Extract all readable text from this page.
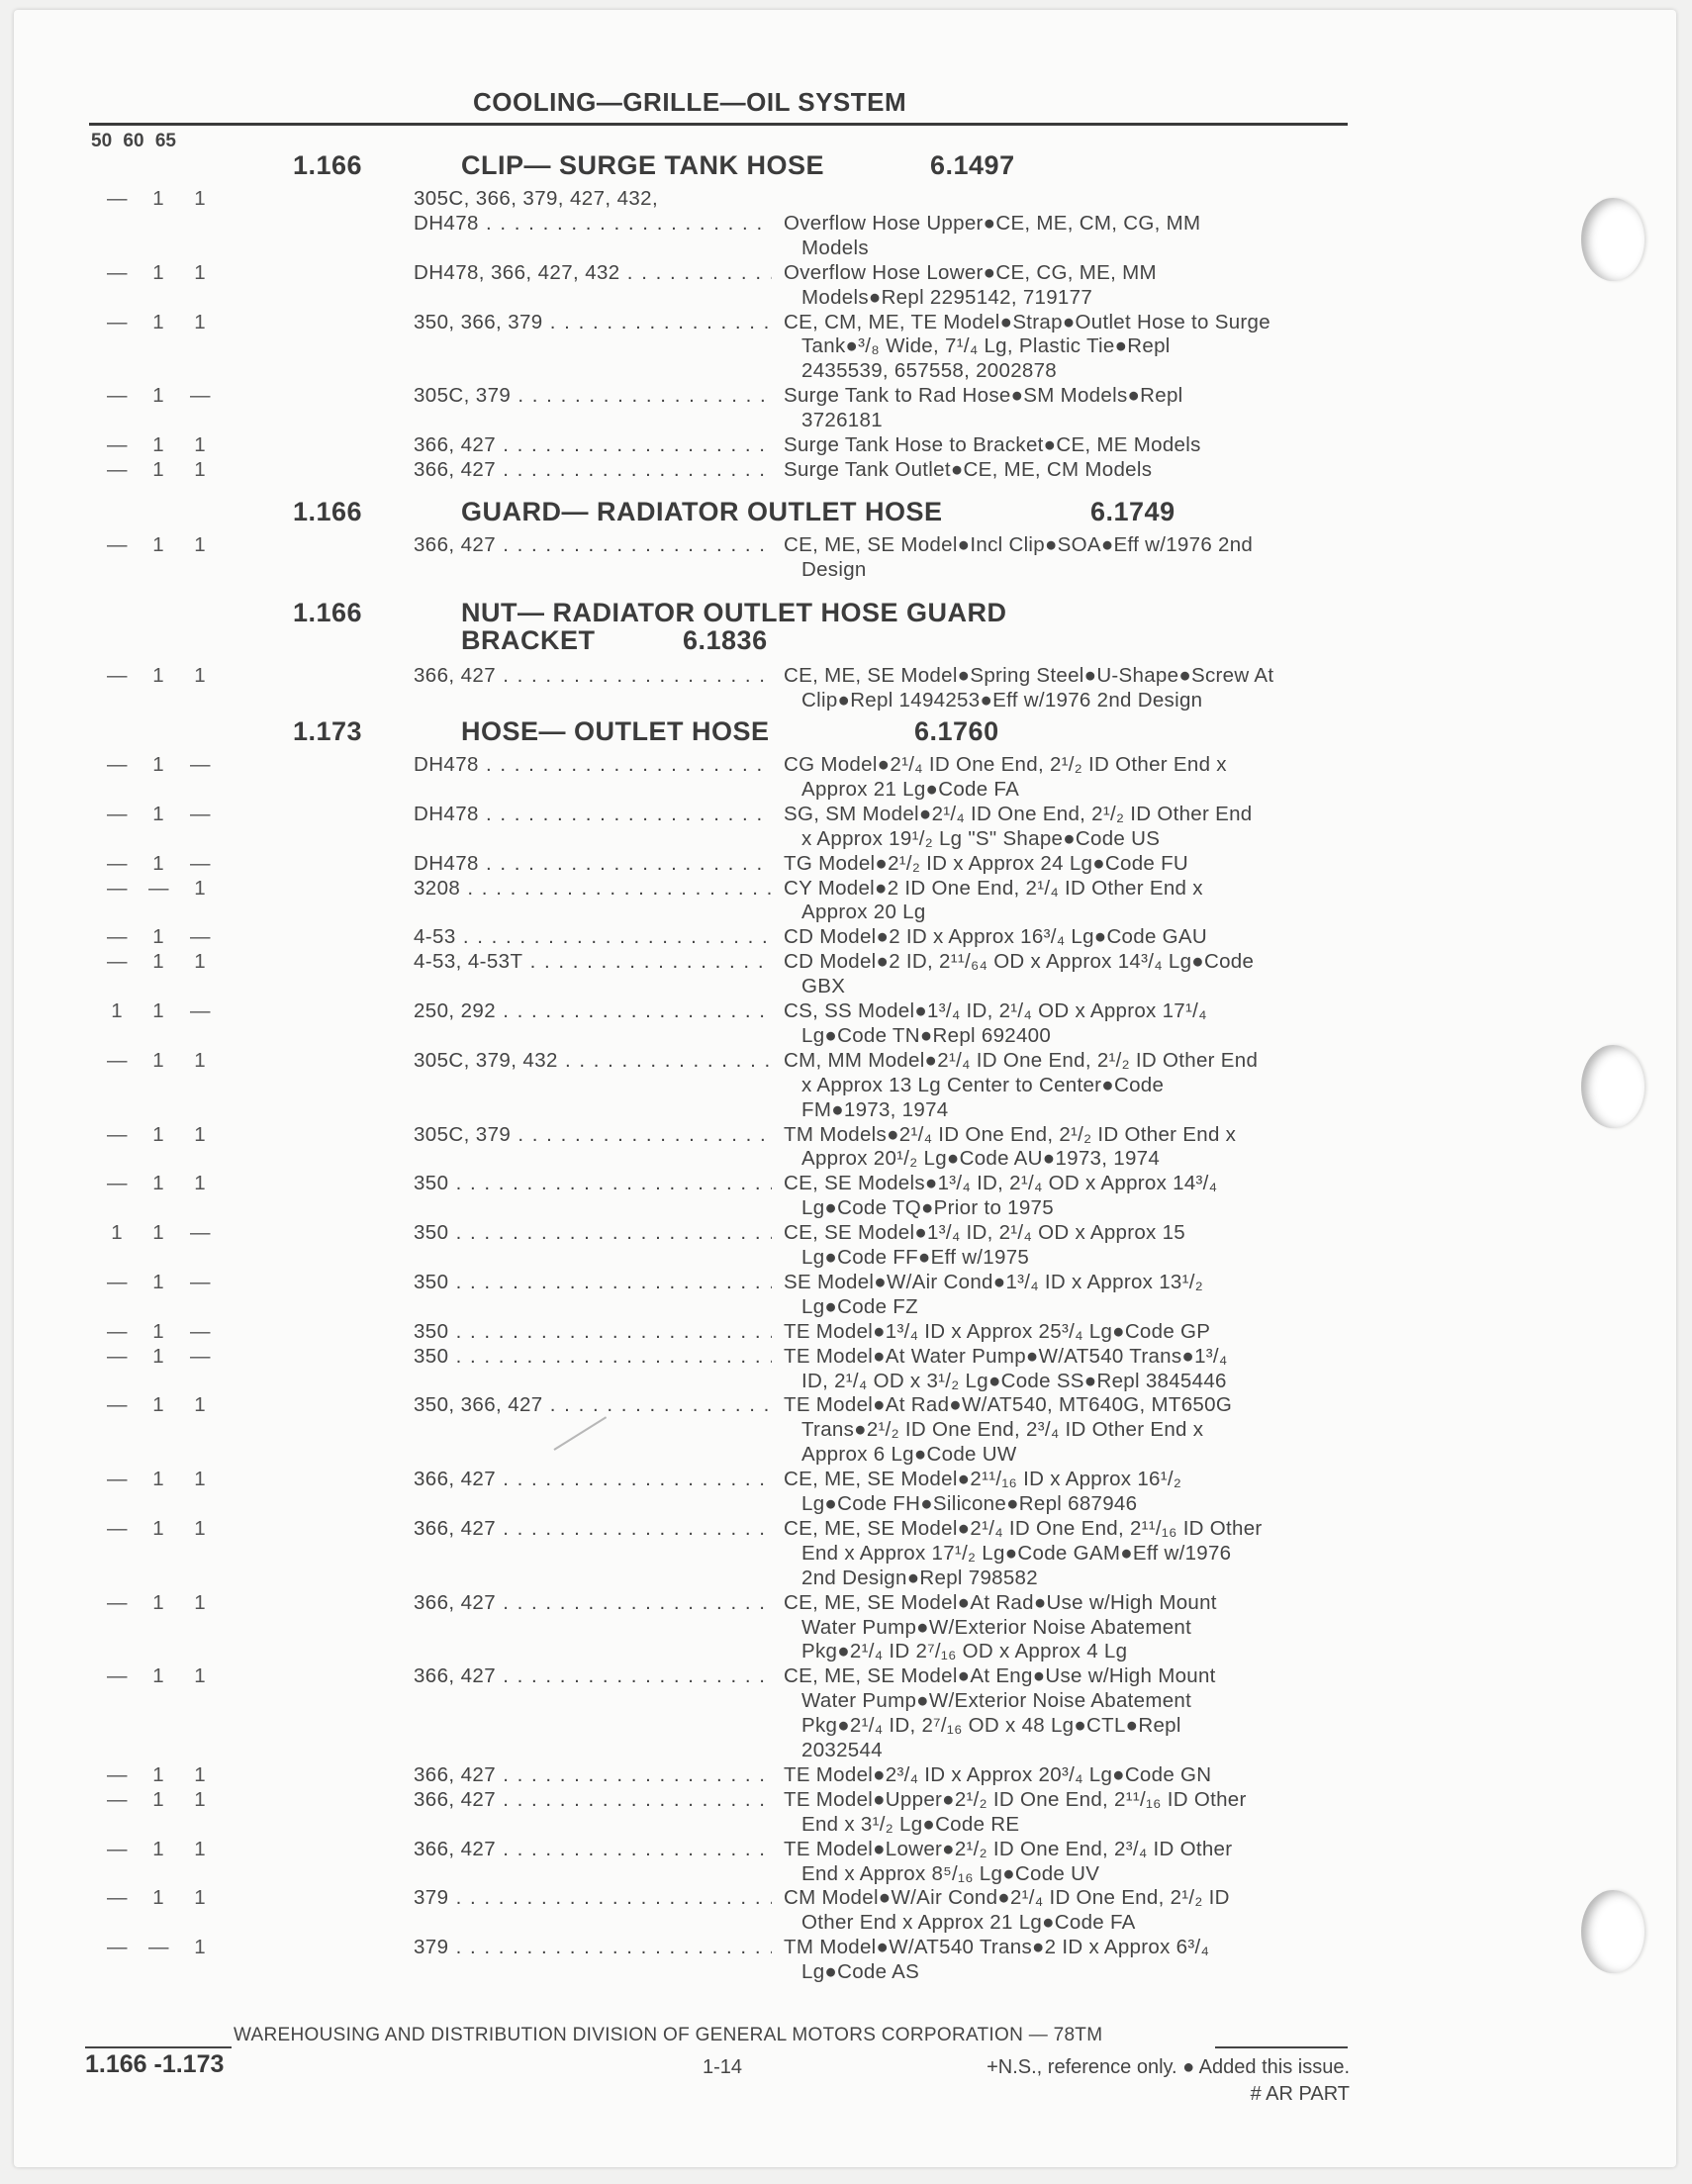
COOLING—GRILLE—OIL SYSTEM
50 60 65
1.166	CLIP— SURGE TANK HOSE	6.1497
— 1 1	305C, 366, 379, 427, 432,
DH478 . . .	Overflow Hose Upper●CE, ME, CM, CG, MM
Models
— 1 1	DH478, 366, 427, 432 . . .	Overflow Hose Lower●CE, CG, ME, MM
Models●Repl 2295142, 719177
— 1 1	350, 366, 379 . . .	CE, CM, ME, TE Model●Strap●Outlet Hose to Surge
Tank●³/₈ Wide, 7¹/₄ Lg, Plastic Tie●Repl
2435539, 657558, 2002878
— 1 —	305C, 379 . . .	Surge Tank to Rad Hose●SM Models●Repl
3726181
— 1 1	366, 427 . . .	Surge Tank Hose to Bracket●CE, ME Models
— 1 1	366, 427 . . .	Surge Tank Outlet●CE, ME, CM Models
1.166	GUARD— RADIATOR OUTLET HOSE	6.1749
— 1 1	366, 427 . . .	CE, ME, SE Model●Incl Clip●SOA●Eff w/1976 2nd
Design
1.166	NUT— RADIATOR OUTLET HOSE GUARD
BRACKET	6.1836
— 1 1	366, 427 . . .	CE, ME, SE Model●Spring Steel●U-Shape●Screw At
Clip●Repl 1494253●Eff w/1976 2nd Design
1.173	HOSE— OUTLET HOSE	6.1760
— 1 —	DH478 . . .	CG Model●2¹/₄ ID One End, 2¹/₂ ID Other End x
Approx 21 Lg●Code FA
— 1 —	DH478 . . .	SG, SM Model●2¹/₄ ID One End, 2¹/₂ ID Other End
x Approx 19¹/₂ Lg "S" Shape●Code US
— 1 —	DH478 . . .	TG Model●2¹/₂ ID x Approx 24 Lg●Code FU
— — 1	3208 . . .	CY Model●2 ID One End, 2¹/₄ ID Other End x
Approx 20 Lg
— 1 —	4-53 . . .	CD Model●2 ID x Approx 16³/₄ Lg●Code GAU
— 1 1	4-53, 4-53T . . .	CD Model●2 ID, 2¹¹/₆₄ OD x Approx 14³/₄ Lg●Code
GBX
1 1 —	250, 292 . . .	CS, SS Model●1³/₄ ID, 2¹/₄ OD x Approx 17¹/₄
Lg●Code TN●Repl 692400
— 1 1	305C, 379, 432 . . .	CM, MM Model●2¹/₄ ID One End, 2¹/₂ ID Other End
x Approx 13 Lg Center to Center●Code
FM●1973, 1974
— 1 1	305C, 379 . . .	TM Models●2¹/₄ ID One End, 2¹/₂ ID Other End x
Approx 20¹/₂ Lg●Code AU●1973, 1974
— 1 1	350 . . .	CE, SE Models●1³/₄ ID, 2¹/₄ OD x Approx 14³/₄
Lg●Code TQ●Prior to 1975
1 1 —	350 . . .	CE, SE Model●1³/₄ ID, 2¹/₄ OD x Approx 15
Lg●Code FF●Eff w/1975
— 1 —	350 . . .	SE Model●W/Air Cond●1³/₄ ID x Approx 13¹/₂
Lg●Code FZ
— 1 —	350 . . .	TE Model●1³/₄ ID x Approx 25³/₄ Lg●Code GP
— 1 —	350 . . .	TE Model●At Water Pump●W/AT540 Trans●1³/₄
ID, 2¹/₄ OD x 3¹/₂ Lg●Code SS●Repl 3845446
— 1 1	350, 366, 427 . . .	TE Model●At Rad●W/AT540, MT640G, MT650G
Trans●2¹/₂ ID One End, 2³/₄ ID Other End x
Approx 6 Lg●Code UW
— 1 1	366, 427 . . .	CE, ME, SE Model●2¹¹/₁₆ ID x Approx 16¹/₂
Lg●Code FH●Silicone●Repl 687946
— 1 1	366, 427 . . .	CE, ME, SE Model●2¹/₄ ID One End, 2¹¹/₁₆ ID Other
End x Approx 17¹/₂ Lg●Code GAM●Eff w/1976
2nd Design●Repl 798582
— 1 1	366, 427 . . .	CE, ME, SE Model●At Rad●Use w/High Mount
Water Pump●W/Exterior Noise Abatement
Pkg●2¹/₄ ID 2⁷/₁₆ OD x Approx 4 Lg
— 1 1	366, 427 . . .	CE, ME, SE Model●At Eng●Use w/High Mount
Water Pump●W/Exterior Noise Abatement
Pkg●2¹/₄ ID, 2⁷/₁₆ OD x 48 Lg●CTL●Repl
2032544
— 1 1	366, 427 . . .	TE Model●2³/₄ ID x Approx 20³/₄ Lg●Code GN
— 1 1	366, 427 . . .	TE Model●Upper●2¹/₂ ID One End, 2¹¹/₁₆ ID Other
End x 3¹/₂ Lg●Code RE
— 1 1	366, 427 . . .	TE Model●Lower●2¹/₂ ID One End, 2³/₄ ID Other
End x Approx 8⁵/₁₆ Lg●Code UV
— 1 1	379 . . .	CM Model●W/Air Cond●2¹/₄ ID One End, 2¹/₂ ID
Other End x Approx 21 Lg●Code FA
— — 1	379 . . .	TM Model●W/AT540 Trans●2 ID x Approx 6³/₄
Lg●Code AS
WAREHOUSING AND DISTRIBUTION DIVISION OF GENERAL MOTORS CORPORATION — 78TM
1.166 -1.173	1-14	+N.S., reference only. ● Added this issue.
# AR PART
